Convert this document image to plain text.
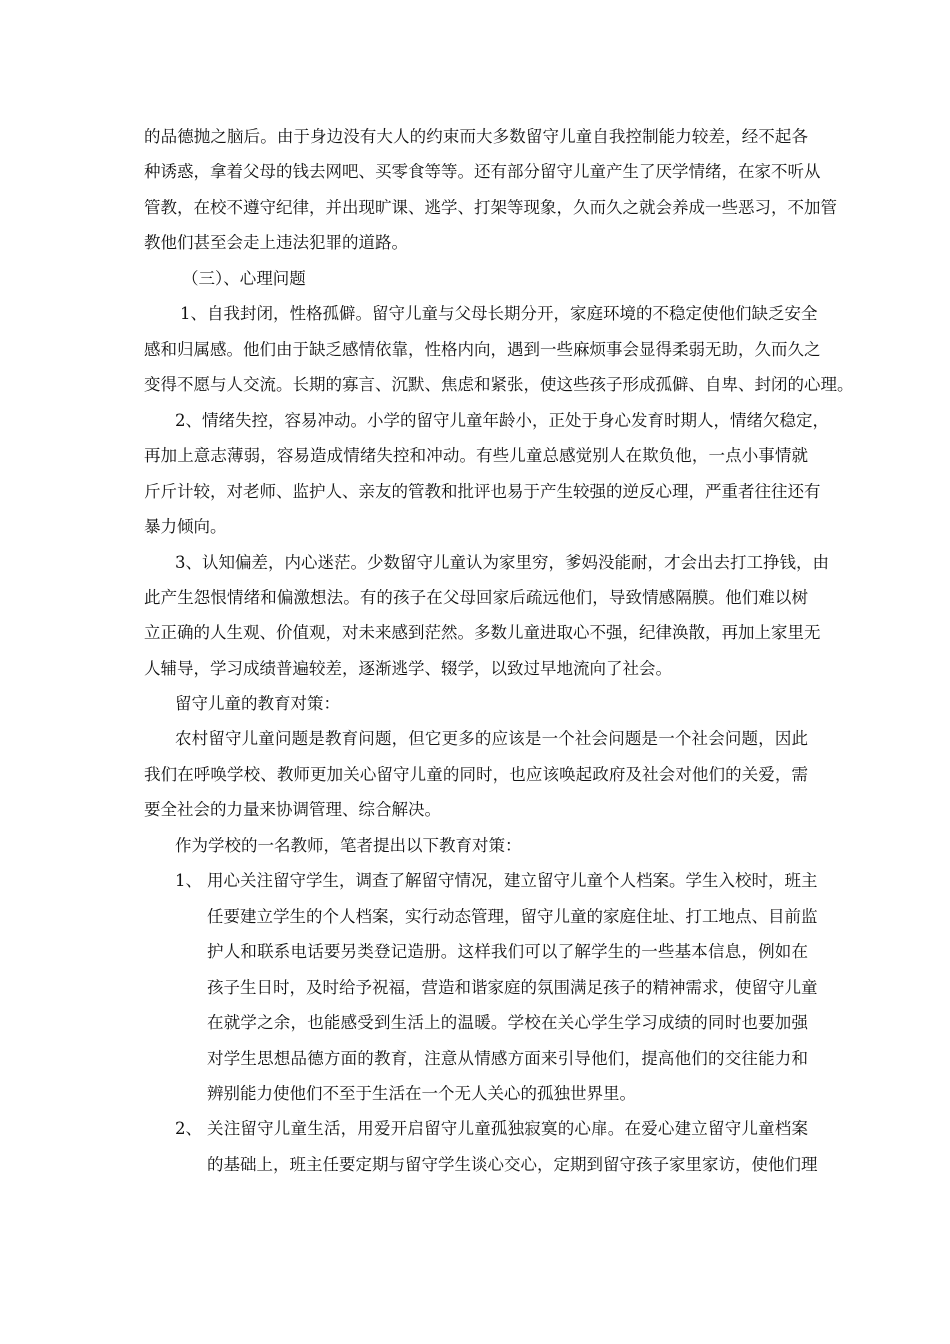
的品德抛之脑后。由于身边没有大人的约束而大多数留守儿童自我控制能力较差，经不起各
种诱惑，拿着父母的钱去网吧、买零食等等。还有部分留守儿童产生了厌学情绪，在家不听从
管教，在校不遵守纪律，并出现旷课、逃学、打架等现象，久而久之就会养成一些恶习，不加管
教他们甚至会走上违法犯罪的道路。
（三）、心理问题
1、自我封闭，性格孤僻。留守儿童与父母长期分开，家庭环境的不稳定使他们缺乏安全
感和归属感。他们由于缺乏感情依靠，性格内向，遇到一些麻烦事会显得柔弱无助，久而久之
变得不愿与人交流。长期的寡言、沉默、焦虑和紧张，使这些孩子形成孤僻、自卑、封闭的心理。
2、情绪失控，容易冲动。小学的留守儿童年龄小，正处于身心发育时期人，情绪欠稳定，
再加上意志薄弱，容易造成情绪失控和冲动。有些儿童总感觉别人在欺负他，一点小事情就
斤斤计较，对老师、监护人、亲友的管教和批评也易于产生较强的逆反心理，严重者往往还有
暴力倾向。
3、认知偏差，内心迷茫。少数留守儿童认为家里穷，爹妈没能耐，才会出去打工挣钱，由
此产生怨恨情绪和偏激想法。有的孩子在父母回家后疏远他们，导致情感隔膜。他们难以树
立正确的人生观、价值观，对未来感到茫然。多数儿童进取心不强，纪律涣散，再加上家里无
人辅导，学习成绩普遍较差，逐渐逃学、辍学，以致过早地流向了社会。
留守儿童的教育对策：
农村留守儿童问题是教育问题，但它更多的应该是一个社会问题是一个社会问题，因此
我们在呼唤学校、教师更加关心留守儿童的同时，也应该唤起政府及社会对他们的关爱，需
要全社会的力量来协调管理、综合解决。
作为学校的一名教师，笔者提出以下教育对策：
1、 用心关注留守学生，调查了解留守情况，建立留守儿童个人档案。学生入校时，班主
任要建立学生的个人档案，实行动态管理，留守儿童的家庭住址、打工地点、目前监
护人和联系电话要另类登记造册。这样我们可以了解学生的一些基本信息，例如在
孩子生日时，及时给予祝福，营造和谐家庭的氛围满足孩子的精神需求，使留守儿童
在就学之余，也能感受到生活上的温暖。学校在关心学生学习成绩的同时也要加强
对学生思想品德方面的教育，注意从情感方面来引导他们，提高他们的交往能力和
辨别能力使他们不至于生活在一个无人关心的孤独世界里。
2、 关注留守儿童生活，用爱开启留守儿童孤独寂寞的心扉。在爱心建立留守儿童档案
的基础上，班主任要定期与留守学生谈心交心，定期到留守孩子家里家访，使他们理
